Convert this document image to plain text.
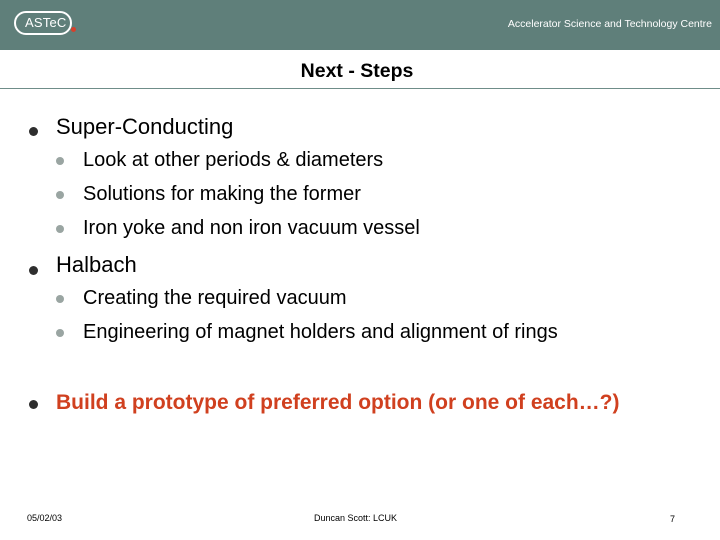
ASTeC	Accelerator Science and Technology Centre
Next - Steps
Super-Conducting
Look at other periods & diameters
Solutions for making the former
Iron yoke and non iron vacuum vessel
Halbach
Creating the required vacuum
Engineering of magnet holders and alignment of rings
Build a prototype of preferred option (or one of each…?)
05/02/03	Duncan Scott: LCUK	7
